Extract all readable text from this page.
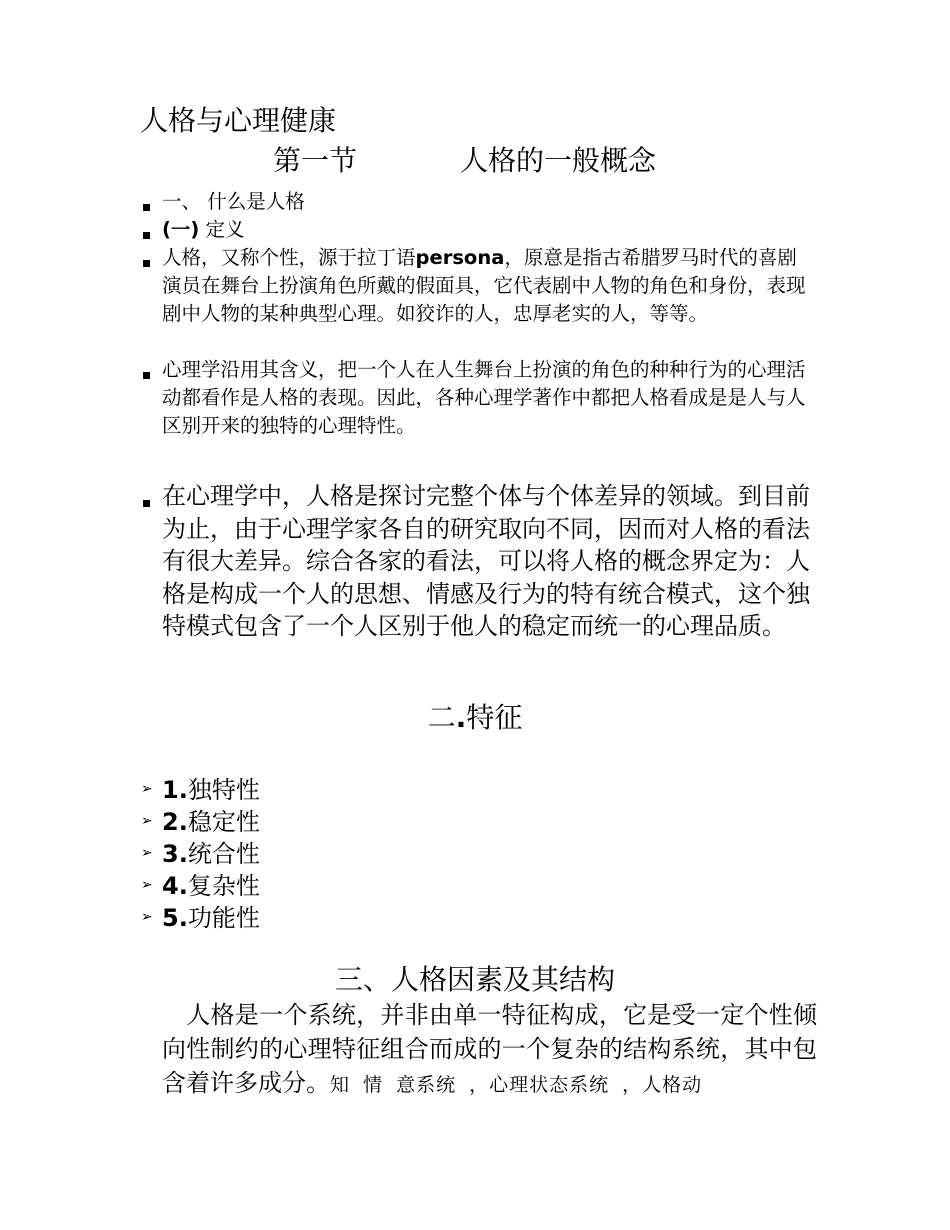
人格与心理健康
第一节	人格的一般概念
一、 什么是人格
(一) 定义
人格，又称个性，源于拉丁语persona，原意是指古希腊罗马时代的喜剧演员在舞台上扮演角色所戴的假面具，它代表剧中人物的角色和身份，表现剧中人物的某种典型心理。如狡诈的人，忠厚老实的人，等等。
心理学沿用其含义，把一个人在人生舞台上扮演的角色的种种行为的心理活动都看作是人格的表现。因此，各种心理学著作中都把人格看成是是人与人区别开来的独特的心理特性。
在心理学中，人格是探讨完整个体与个体差异的领域。到目前为止，由于心理学家各自的研究取向不同，因而对人格的看法有很大差异。综合各家的看法，可以将人格的概念界定为：人格是构成一个人的思想、情感及行为的特有统合模式，这个独特模式包含了一个人区别于他人的稳定而统一的心理品质。
二.特征
➢ 1.独特性
➢ 2.稳定性
➢ 3.统合性
➢ 4.复杂性
➢ 5.功能性
三、人格因素及其结构

　人格是一个系统，并非由单一特征构成，它是受一定个性倾向性制约的心理特征组合而成的一个复杂的结构系统，其中包含着许多成分。知 情 意系统 ，心理状态系统 ，人格动
